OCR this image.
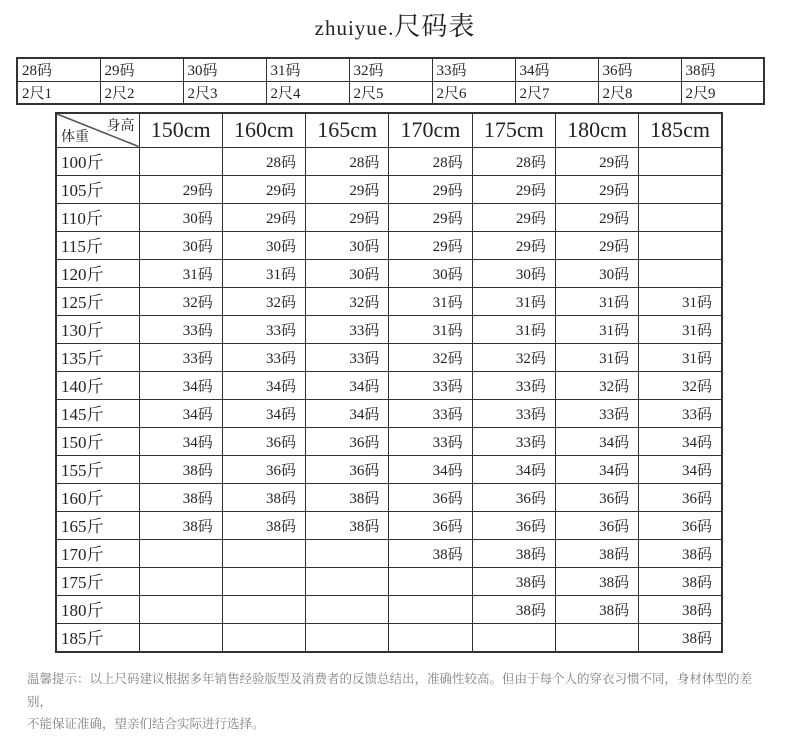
zhuiyue.尺码表
28码	29码	30码	31码	32码	33码	34码	36码	38码
2尺1	2尺2	2尺3	2尺4	2尺5	2尺6	2尺7	2尺8	2尺9
身高
体重	150cm	160cm	165cm	170cm	175cm	180cm	185cm
100斤		28码	28码	28码	28码	29码	
105斤	29码	29码	29码	29码	29码	29码	
110斤	30码	29码	29码	29码	29码	29码	
115斤	30码	30码	30码	29码	29码	29码	
120斤	31码	31码	30码	30码	30码	30码	
125斤	32码	32码	32码	31码	31码	31码	31码
130斤	33码	33码	33码	31码	31码	31码	31码
135斤	33码	33码	33码	32码	32码	31码	31码
140斤	34码	34码	34码	33码	33码	32码	32码
145斤	34码	34码	34码	33码	33码	33码	33码
150斤	34码	36码	36码	33码	33码	34码	34码
155斤	38码	36码	36码	34码	34码	34码	34码
160斤	38码	38码	38码	36码	36码	36码	36码
165斤	38码	38码	38码	36码	36码	36码	36码
170斤				38码	38码	38码	38码
175斤					38码	38码	38码
180斤					38码	38码	38码
185斤							38码
温馨提示：以上尺码建议根据多年销售经验版型及消费者的反馈总结出，准确性较高。但由于每个人的穿衣习惯不同，身材体型的差别，
不能保证准确，望亲们结合实际进行选择。
